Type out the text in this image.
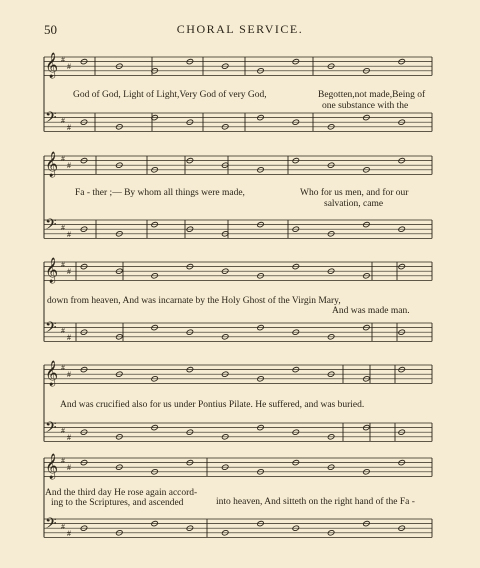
50	CHORAL SERVICE.
𝄞
𝄢
#
#
#
#
𝄞
𝄢
#
#
#
#
𝄞
𝄢
#
#
#
#
𝄞
𝄢
#
#
#
#
𝄞
𝄢
#
#
#
#
God of God, Light of Light,Very God of very God,	Begotten,not made,Being of
one substance with the
Fa - ther ;— By whom all things were made,	Who for us men, and for our
salvation, came
down from heaven, And was incarnate by the Holy Ghost of the Virgin Mary,
And was made man.
And was crucified also for us under Pontius Pilate. He suffered, and was buried.
And the third day He rose again accord-
ing to the Scriptures, and ascended	into heaven, And sitteth on the right hand of the Fa -
